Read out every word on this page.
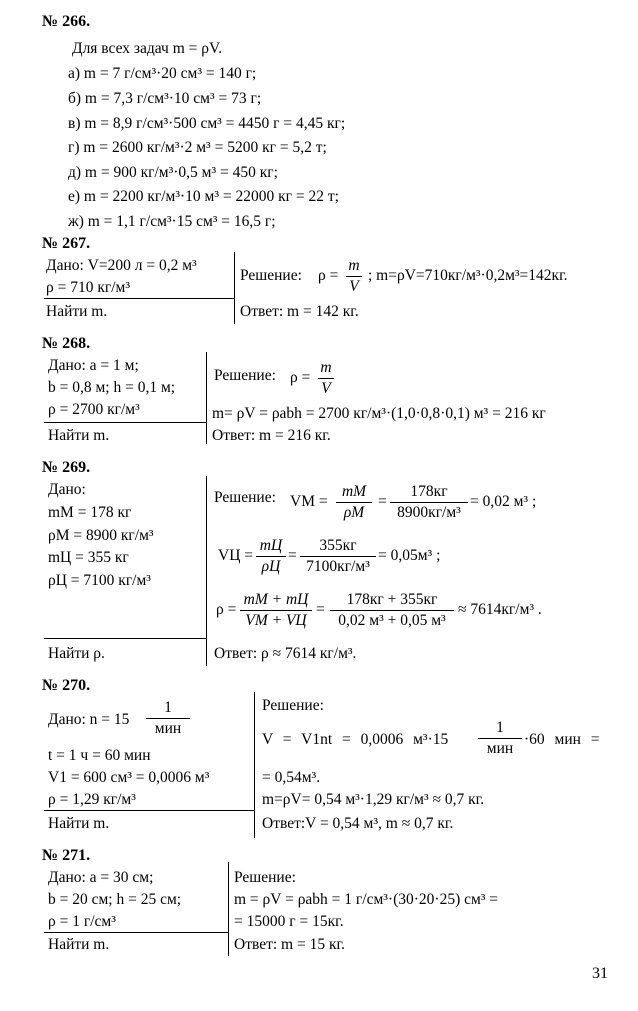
№ 266.
Для всех задач m = ρV.
а) m = 7 г/см³·20 см³ = 140 г;
б) m = 7,3 г/см³·10 см³ = 73 г;
в) m = 8,9 г/см³·500 см³ = 4450 г = 4,45 кг;
г) m = 2600 кг/м³·2 м³ = 5200 кг = 5,2 т;
д) m = 900 кг/м³·0,5 м³ = 450 кг;
е) m = 2200 кг/м³·10 м³ = 22000 кг = 22 т;
ж) m = 1,1 г/см³·15 см³ = 16,5 г;
№ 267.
Дано: V=200 л = 0,2 м³
ρ = 710 кг/м³
Найти m.
Решение: ρ =
m
V
; m=ρV=710кг/м³·0,2м³=142кг.
Ответ: m = 142 кг.
№ 268.
Дано: a = 1 м;
b = 0,8 м; h = 0,1 м;
ρ = 2700 кг/м³
Найти m.
Решение: ρ =
m
V
m= ρV = ρabh = 2700 кг/м³·(1,0·0,8·0,1) м³ = 216 кг
Ответ: m = 216 кг.
№ 269.
Дано:
mM = 178 кг
ρM = 8900 кг/м³
mЦ = 355 кг
ρЦ = 7100 кг/м³
Найти ρ.
Решение: VM =
mM
ρM
=
178кг
8900кг/м³
= 0,02 м³ ;
VЦ =
mЦ
ρЦ
=
355кг
7100кг/м³
= 0,05м³ ;
ρ =
mM + mЦ
VM + VЦ
=
178кг + 355кг
0,02 м³ + 0,05 м³
≈ 7614кг/м³ .
Ответ: ρ ≈ 7614 кг/м³.
№ 270.
Дано: n = 15
1
мин
t = 1 ч = 60 мин
V1 = 600 см³ = 0,0006 м³
ρ = 1,29 кг/м³
Найти m.
Решение:
V = V1nt = 0,0006 м³·15
1
мин ·60 мин =
= 0,54м³.
m=ρV= 0,54 м³·1,29 кг/м³ ≈ 0,7 кг.
Ответ:V = 0,54 м³, m ≈ 0,7 кг.
№ 271.
Дано: a = 30 см;
b = 20 см; h = 25 см;
ρ = 1 г/см³
Найти m.
Решение:
m = ρV = ρabh = 1 г/см³·(30·20·25) см³ =
= 15000 г = 15кг.
Ответ: m = 15 кг.
31
